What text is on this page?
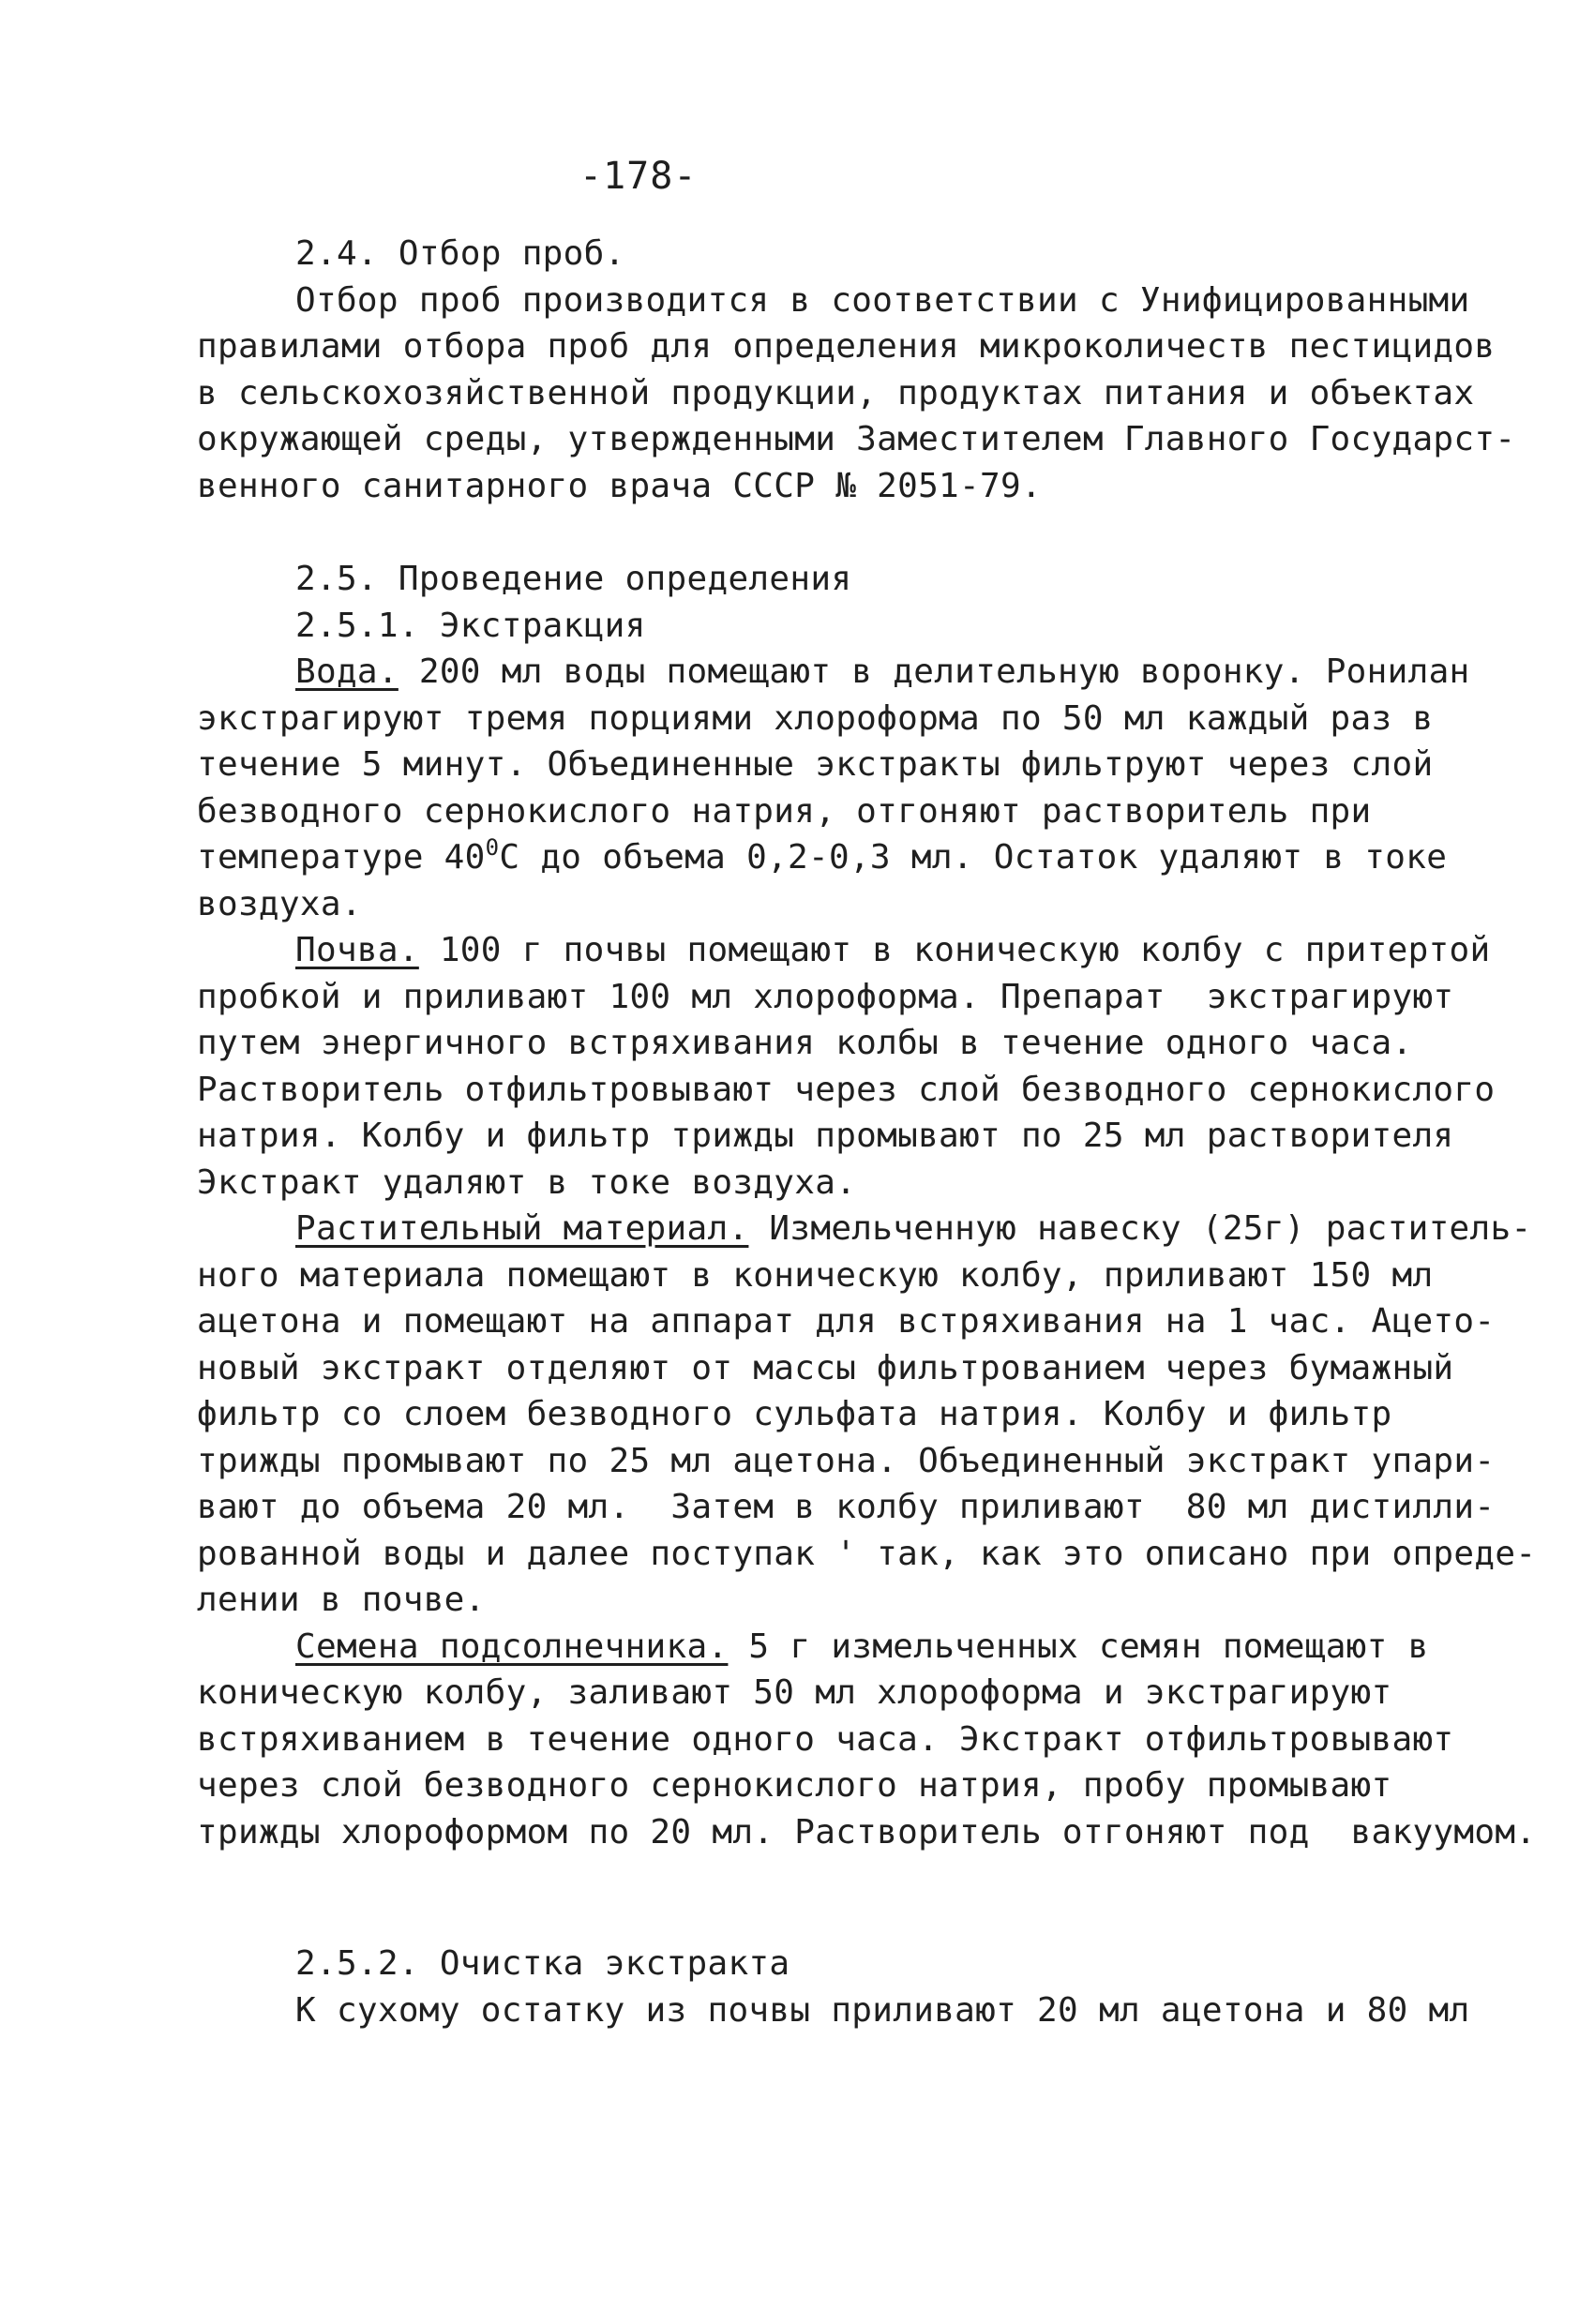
-178-
2.4. Отбор проб.
Отбор проб производится в соответствии с Унифицированными
правилами отбора проб для определения микроколичеств пестицидов
в сельскохозяйственной продукции, продуктах питания и объектах
окружающей среды, утвержденными Заместителем Главного Государст-
венного санитарного врача СССР № 2051-79.
2.5. Проведение определения
2.5.1. Экстракция
Вода. 200 мл воды помещают в делительную воронку. Ронилан
экстрагируют тремя порциями хлороформа по 50 мл каждый раз в
течение 5 минут. Объединенные экстракты фильтруют через слой
безводного сернокислого натрия, отгоняют растворитель при
температуре $40^0С$ до объема 0,2-0,3 мл. Остаток удаляют в токе
воздуха.
Почва. 100 г почвы помещают в коническую колбу с притертой
пробкой и приливают 100 мл хлороформа. Препарат  экстрагируют
путем энергичного встряхивания колбы в течение одного часа.
Растворитель отфильтровывают через слой безводного сернокислого
натрия. Колбу и фильтр трижды промывают по 25 мл растворителя
Экстракт удаляют в токе воздуха.
Растительный материал. Измельченную навеску (25г) раститель-
ного материала помещают в коническую колбу, приливают 150 мл
ацетона и помещают на аппарат для встряхивания на 1 час. Ацето-
новый экстракт отделяют от массы фильтрованием через бумажный
фильтр со слоем безводного сульфата натрия. Колбу и фильтр
трижды промывают по 25 мл ацетона. Объединенный экстракт упари-
вают до объема 20 мл.  Затем в колбу приливают  80 мл дистилли-
рованной воды и далее поступак ' так, как это описано при опреде-
лении в почве.
Семена подсолнечника. 5 г измельченных семян помещают в
коническую колбу, заливают 50 мл хлороформа и экстрагируют
встряхиванием в течение одного часа. Экстракт отфильтровывают
через слой безводного сернокислого натрия, пробу промывают
трижды хлороформом по 20 мл. Растворитель отгоняют под  вакуумом.
2.5.2. Очистка экстракта
К сухому остатку из почвы приливают 20 мл ацетона и 80 мл
